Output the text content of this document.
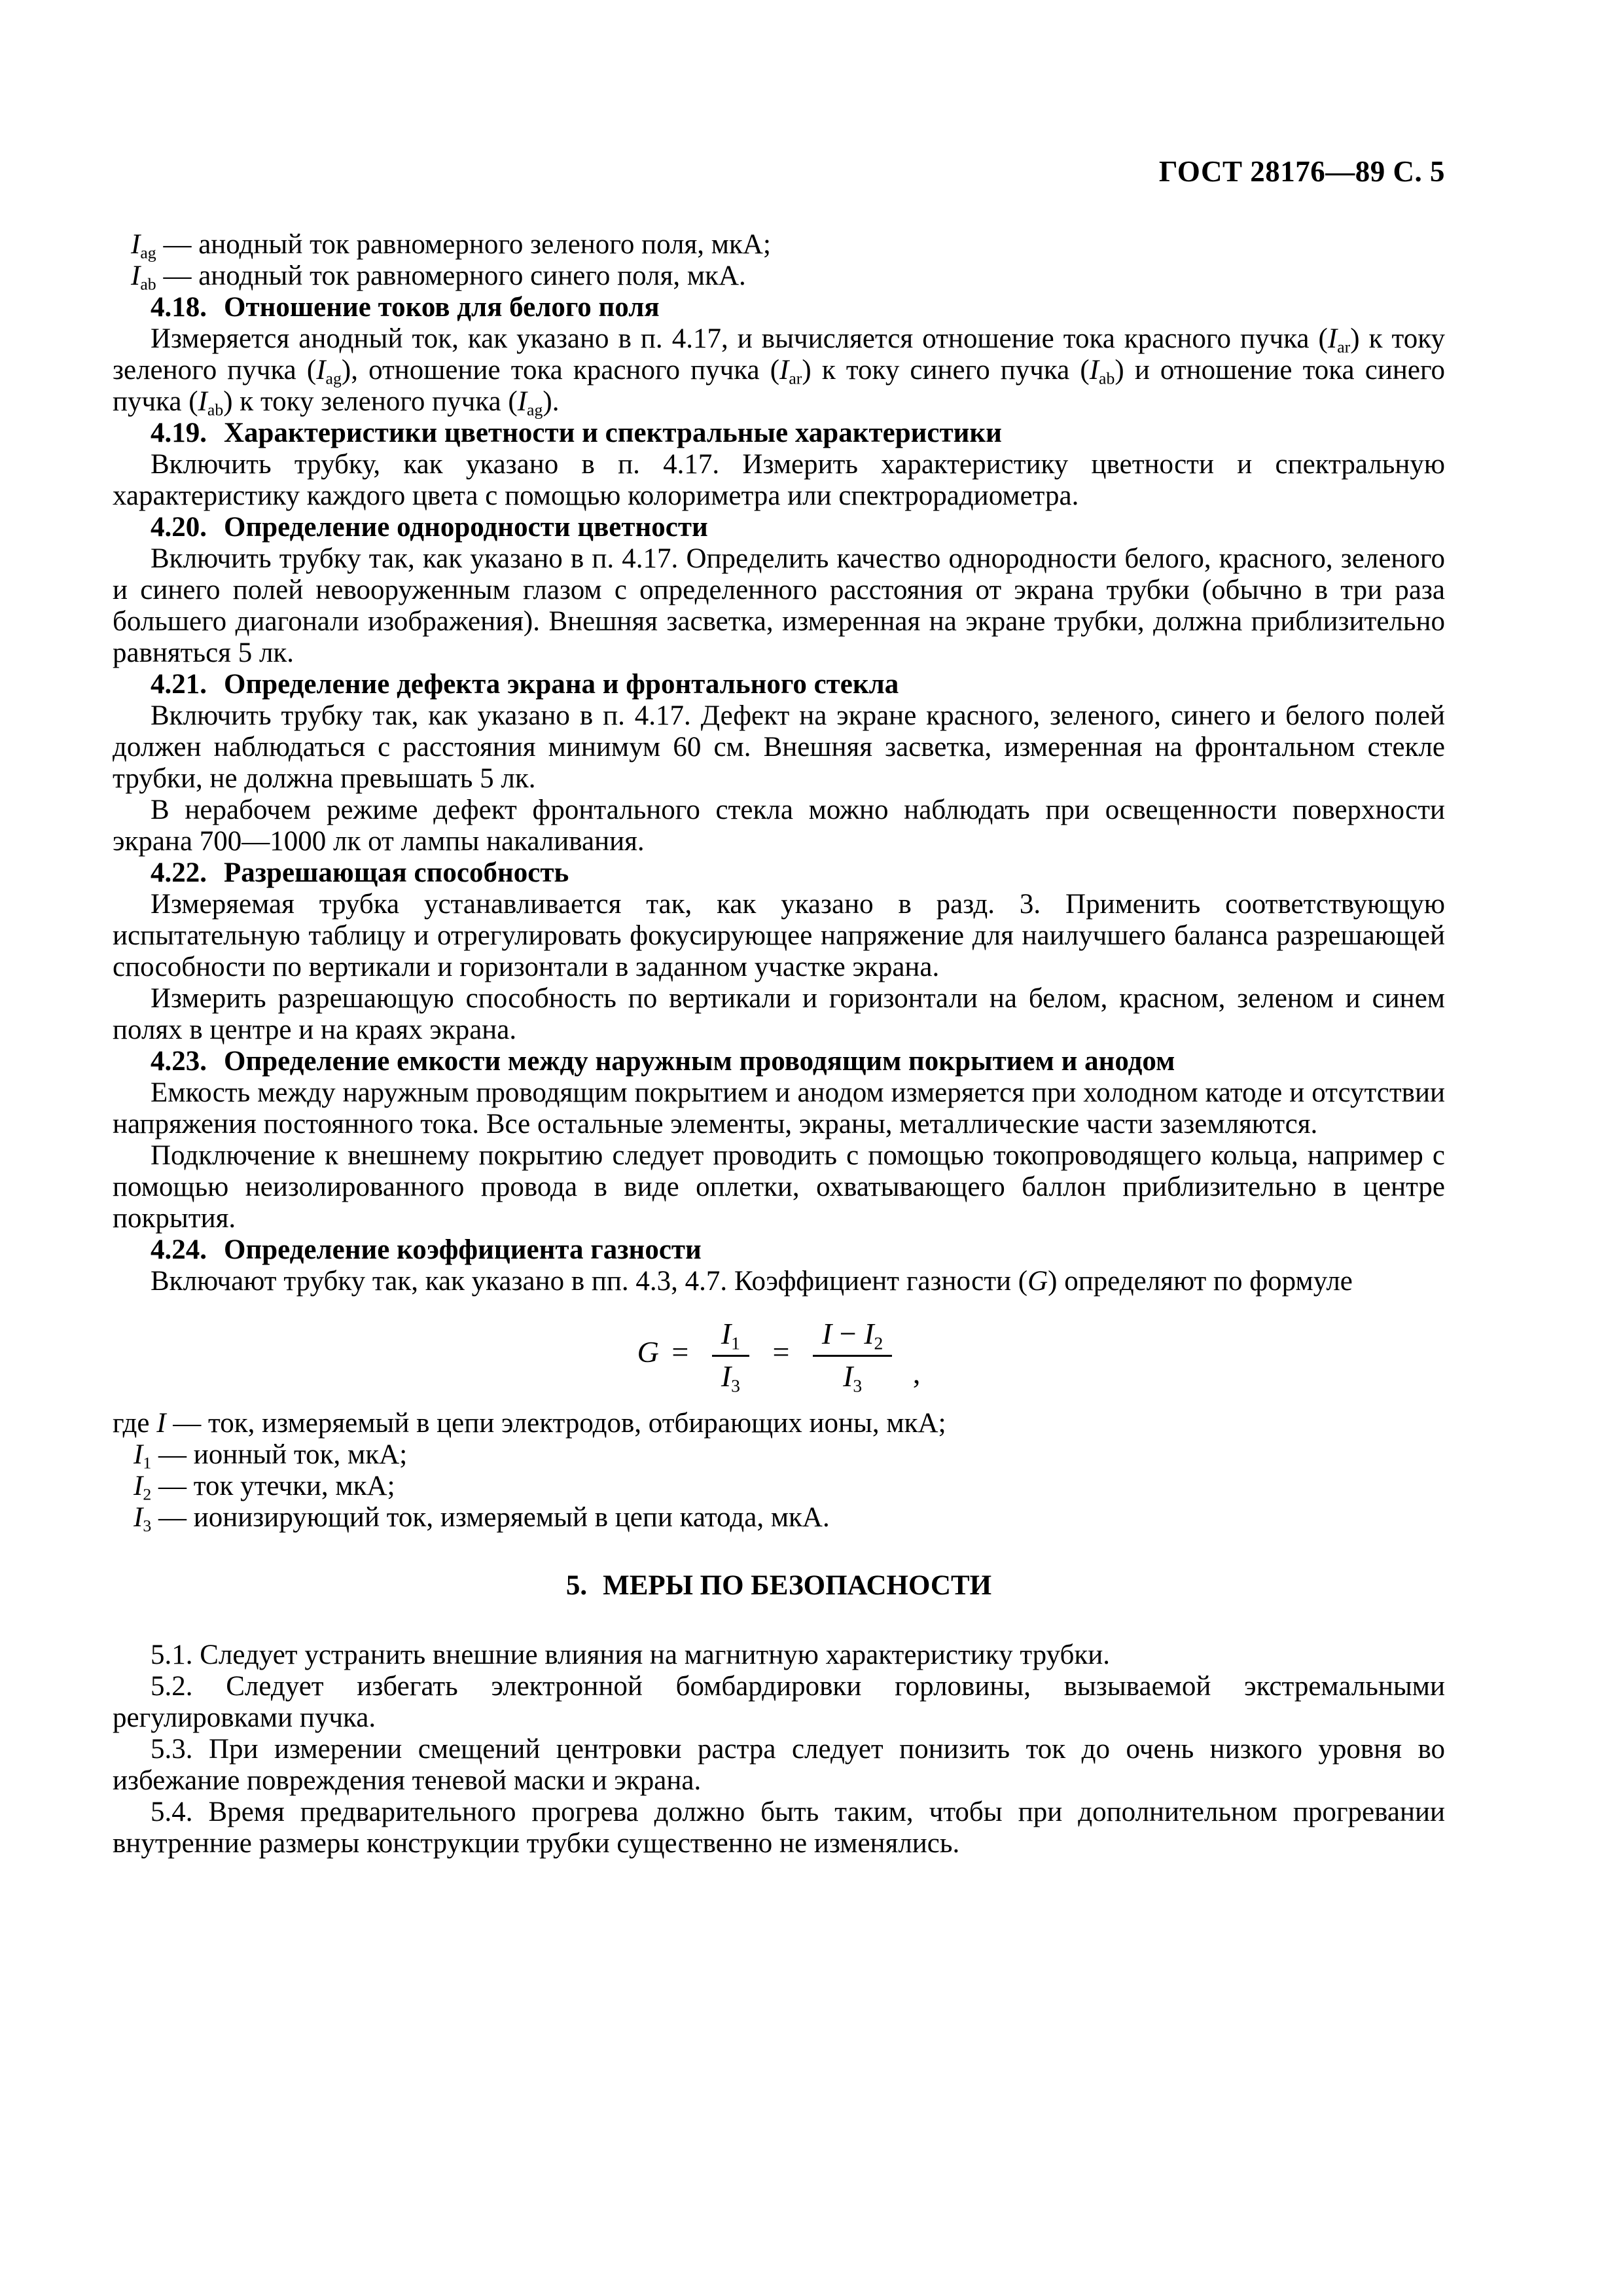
ГОСТ 28176—89 С. 5

$I_{ag}$ — анодный ток равномерного зеленого поля, мкА;

$I_{ab}$ — анодный ток равномерного синего поля, мкА.

4.18. Отношение токов для белого поля

Измеряется анодный ток, как указано в п. 4.17, и вычисляется отношение тока красного пучка $(I_{ar})$ к току зеленого пучка $(I_{ag})$, отношение тока красного пучка $(I_{ar})$ к току синего пучка $(I_{ab})$ и отношение тока синего пучка $(I_{ab})$ к току зеленого пучка $(I_{ag})$.

4.19. Характеристики цветности и спектральные характеристики

Включить трубку, как указано в п. 4.17. Измерить характеристику цветности и спектральную характеристику каждого цвета с помощью колориметра или спектрорадиометра.

4.20. Определение однородности цветности

Включить трубку так, как указано в п. 4.17. Определить качество однородности белого, красного, зеленого и синего полей невооруженным глазом с определенного расстояния от экрана трубки (обычно в три раза большего диагонали изображения). Внешняя засветка, измеренная на экране трубки, должна приблизительно равняться 5 лк.

4.21. Определение дефекта экрана и фронтального стекла

Включить трубку так, как указано в п. 4.17. Дефект на экране красного, зеленого, синего и белого полей должен наблюдаться с расстояния минимум 60 см. Внешняя засветка, измеренная на фронтальном стекле трубки, не должна превышать 5 лк.

В нерабочем режиме дефект фронтального стекла можно наблюдать при освещенности поверхности экрана 700—1000 лк от лампы накаливания.

4.22. Разрешающая способность

Измеряемая трубка устанавливается так, как указано в разд. 3. Применить соответствующую испытательную таблицу и отрегулировать фокусирующее напряжение для наилучшего баланса разрешающей способности по вертикали и горизонтали в заданном участке экрана.

Измерить разрешающую способность по вертикали и горизонтали на белом, красном, зеленом и синем полях в центре и на краях экрана.

4.23. Определение емкости между наружным проводящим покрытием и анодом

Емкость между наружным проводящим покрытием и анодом измеряется при холодном катоде и отсутствии напряжения постоянного тока. Все остальные элементы, экраны, металлические части заземляются.

Подключение к внешнему покрытию следует проводить с помощью токопроводящего кольца, например с помощью неизолированного провода в виде оплетки, охватывающего баллон приблизительно в центре покрытия.

4.24. Определение коэффициента газности

Включают трубку так, как указано в пп. 4.3, 4.7. Коэффициент газности (G) определяют по формуле

$G = \frac{I_1}{I_3} = \frac{I - I_2}{I_3}$ ,

где I — ток, измеряемый в цепи электродов, отбирающих ионы, мкА;

$I_1$ — ионный ток, мкА;

$I_2$ — ток утечки, мкА;

$I_3$ — ионизирующий ток, измеряемый в цепи катода, мкА.

5. МЕРЫ ПО БЕЗОПАСНОСТИ

5.1. Следует устранить внешние влияния на магнитную характеристику трубки.

5.2. Следует избегать электронной бомбардировки горловины, вызываемой экстремальными регулировками пучка.

5.3. При измерении смещений центровки растра следует понизить ток до очень низкого уровня во избежание повреждения теневой маски и экрана.

5.4. Время предварительного прогрева должно быть таким, чтобы при дополнительном прогревании внутренние размеры конструкции трубки существенно не изменялись.
